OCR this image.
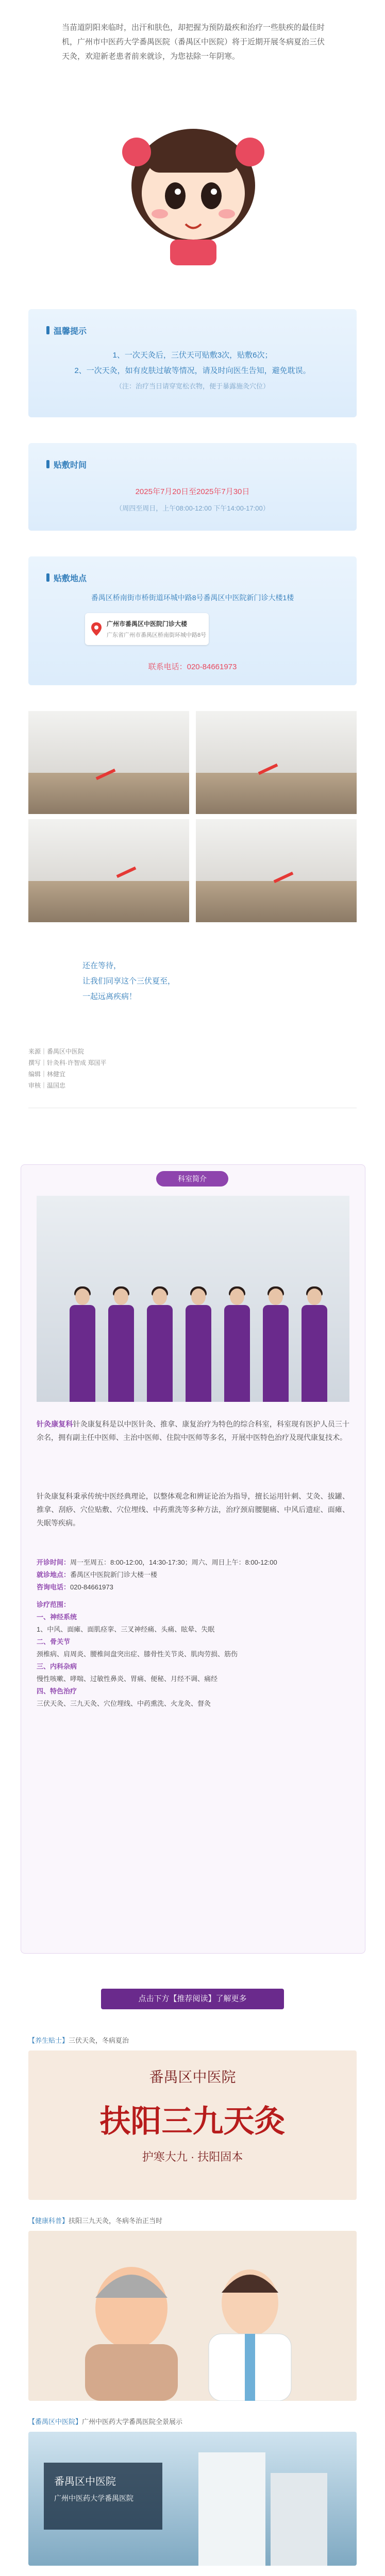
当苗道阴阳来临时，出汗和肤色，却把握为预防最疾和治疗一些肤疾的最佳时机，广州市中医药大学番禺医院（番禺区中医院）将于近期开展冬病夏治三伏天灸，欢迎新老患者前来就诊，为您祛除一年阴寒。
温馨提示
1、一次天灸后，三伏天可贴敷3次，贴敷6次；
2、一次天灸，如有皮肤过敏等情况，请及时向医生告知，避免耽误。
（注：治疗当日请穿宽松衣物，便于暴露施灸穴位）
贴敷时间
2025年7月20日至2025年7月30日
（周四至周日，上午08:00-12:00 下午14:00-17:00）
贴敷地点
番禺区桥南街市桥街道环城中路8号番禺区中医院新门诊大楼1楼
广州市番禺区中医院门诊大楼
广东省广州市番禺区桥南街环城中路8号
联系电话：020-84661973
还在等待，
让我们同享这个三伏夏至，
一起远离疾病！
来源｜番禺区中医院
撰写｜针灸科·许智成 郑国平
编辑｜林健宜
审核｜温国忠
科室简介
针灸康复科针灸康复科是以中医针灸、推拿、康复治疗为特色的综合科室，科室现有医护人员三十余名，拥有副主任中医师、主治中医师、住院中医师等多名，开展中医特色治疗及现代康复技术。
针灸康复科秉承传统中医经典理论，以整体观念和辨证论治为指导，擅长运用针刺、艾灸、拔罐、推拿、刮痧、穴位贴敷、穴位埋线、中药熏洗等多种方法，治疗颈肩腰腿痛、中风后遗症、面瘫、失眠等疾病。
开诊时间：周一至周五：8:00-12:00，14:30-17:30；周六、周日上午：8:00-12:00
就诊地点：番禺区中医院新门诊大楼一楼
咨询电话：020-84661973
诊疗范围：
一、神经系统
1、中风、面瘫、面肌痉挛、三叉神经痛、头痛、眩晕、失眠
二、骨关节
颈椎病、肩周炎、腰椎间盘突出症、膝骨性关节炎、肌肉劳损、筋伤
三、内科杂病
慢性咳嗽、哮喘、过敏性鼻炎、胃痛、便秘、月经不调、痛经
四、特色治疗
三伏天灸、三九天灸、穴位埋线、中药熏洗、火龙灸、督灸
点击下方【推荐阅读】了解更多
【养生贴士】三伏天灸，冬病夏治
番禺区中医院
扶阳三九天灸
护寒大九 · 扶阳固本
【健康科普】扶阳三九天灸，冬病冬治正当时
【番禺区中医院】广州中医药大学番禺医院全景展示
番禺区中医院
广州中医药大学番禺医院
